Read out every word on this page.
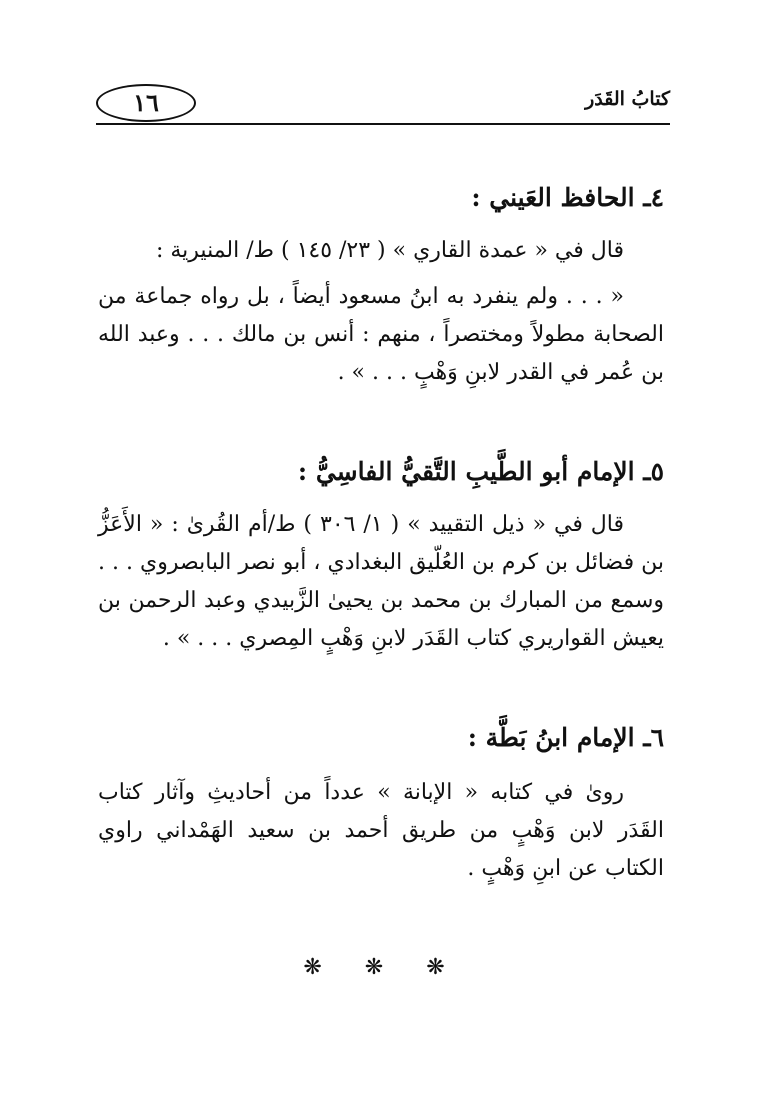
١٦	كتابُ القَدَر
٤ـ الحافظ العَيني :
قال في « عمدة القاري » ( ٢٣/ ١٤٥ ) ط/ المنيرية :
« . . . ولم ينفرد به ابنُ مسعود أيضاً ، بل رواه جماعة من الصحابة مطولاً ومختصراً ، منهم : أنس بن مالك . . . وعبد الله بن عُمر في القدر لابنِ وَهْبٍ . . . » .
٥ـ الإمام أبو الطَّيبِ التَّقيُّ الفاسِيُّ :
قال في « ذيل التقييد » ( ١/ ٣٠٦ ) ط/أم القُرىٰ : « الأَعَزُّ بن فضائل بن كرم بن العُلّيق البغدادي ، أبو نصر البابصروي . . . وسمع من المبارك بن محمد بن يحيىٰ الزَّبيدي وعبد الرحمن بن يعيش القواريري كتاب القَدَر لابنِ وَهْبٍ المِصري . . . » .
٦ـ الإمام ابنُ بَطَّة :
روىٰ في كتابه « الإبانة » عدداً من أحاديثِ وآثار كتاب القَدَر لابن وَهْبٍ من طريق أحمد بن سعيد الهَمْداني راوي الكتاب عن ابنِ وَهْبٍ .
❋ ❋ ❋
